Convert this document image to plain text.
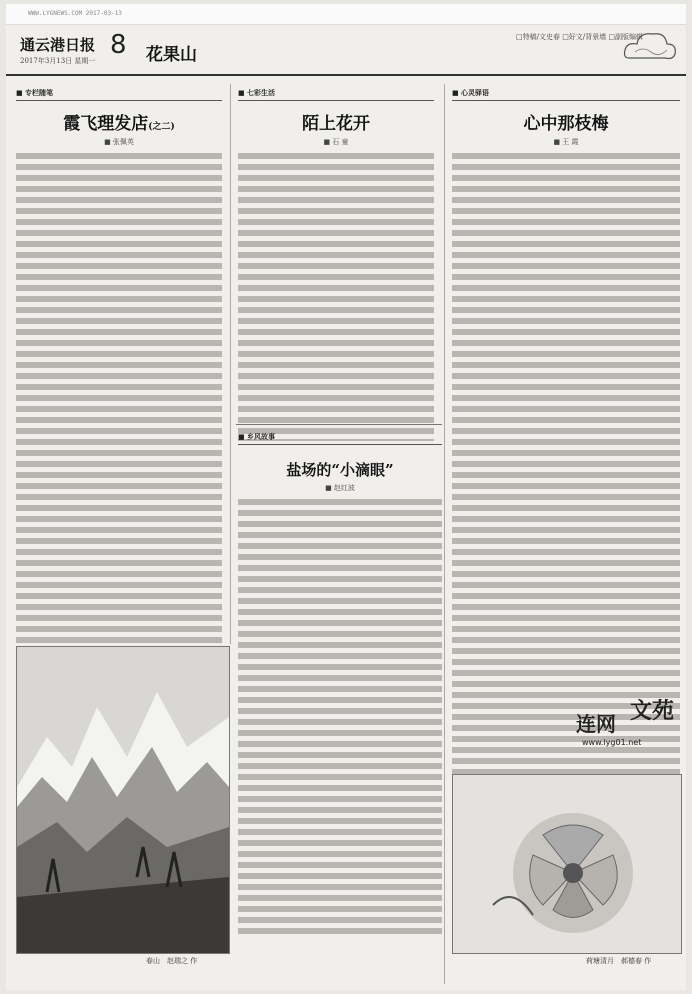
WWW.LYGNEWS.COM 2017-03-13
通云港日报
2017年3月13日 星期一
8 花果山
□特稿/文史春 □好文/背景墙 □副版编辑
■ 专栏随笔
霞飞理发店(之二)
■ 张佩英
■ 七彩生活
陌上花开
■ 石 童
■ 心灵驿语
心中那枝梅
■ 王 霞
■ 乡风故事
盐场的“小滴眼”
■ 赵红波
春山　赵瑞之 作
连网 文苑
www.lyg01.net
荷塘清月　郝德春 作
